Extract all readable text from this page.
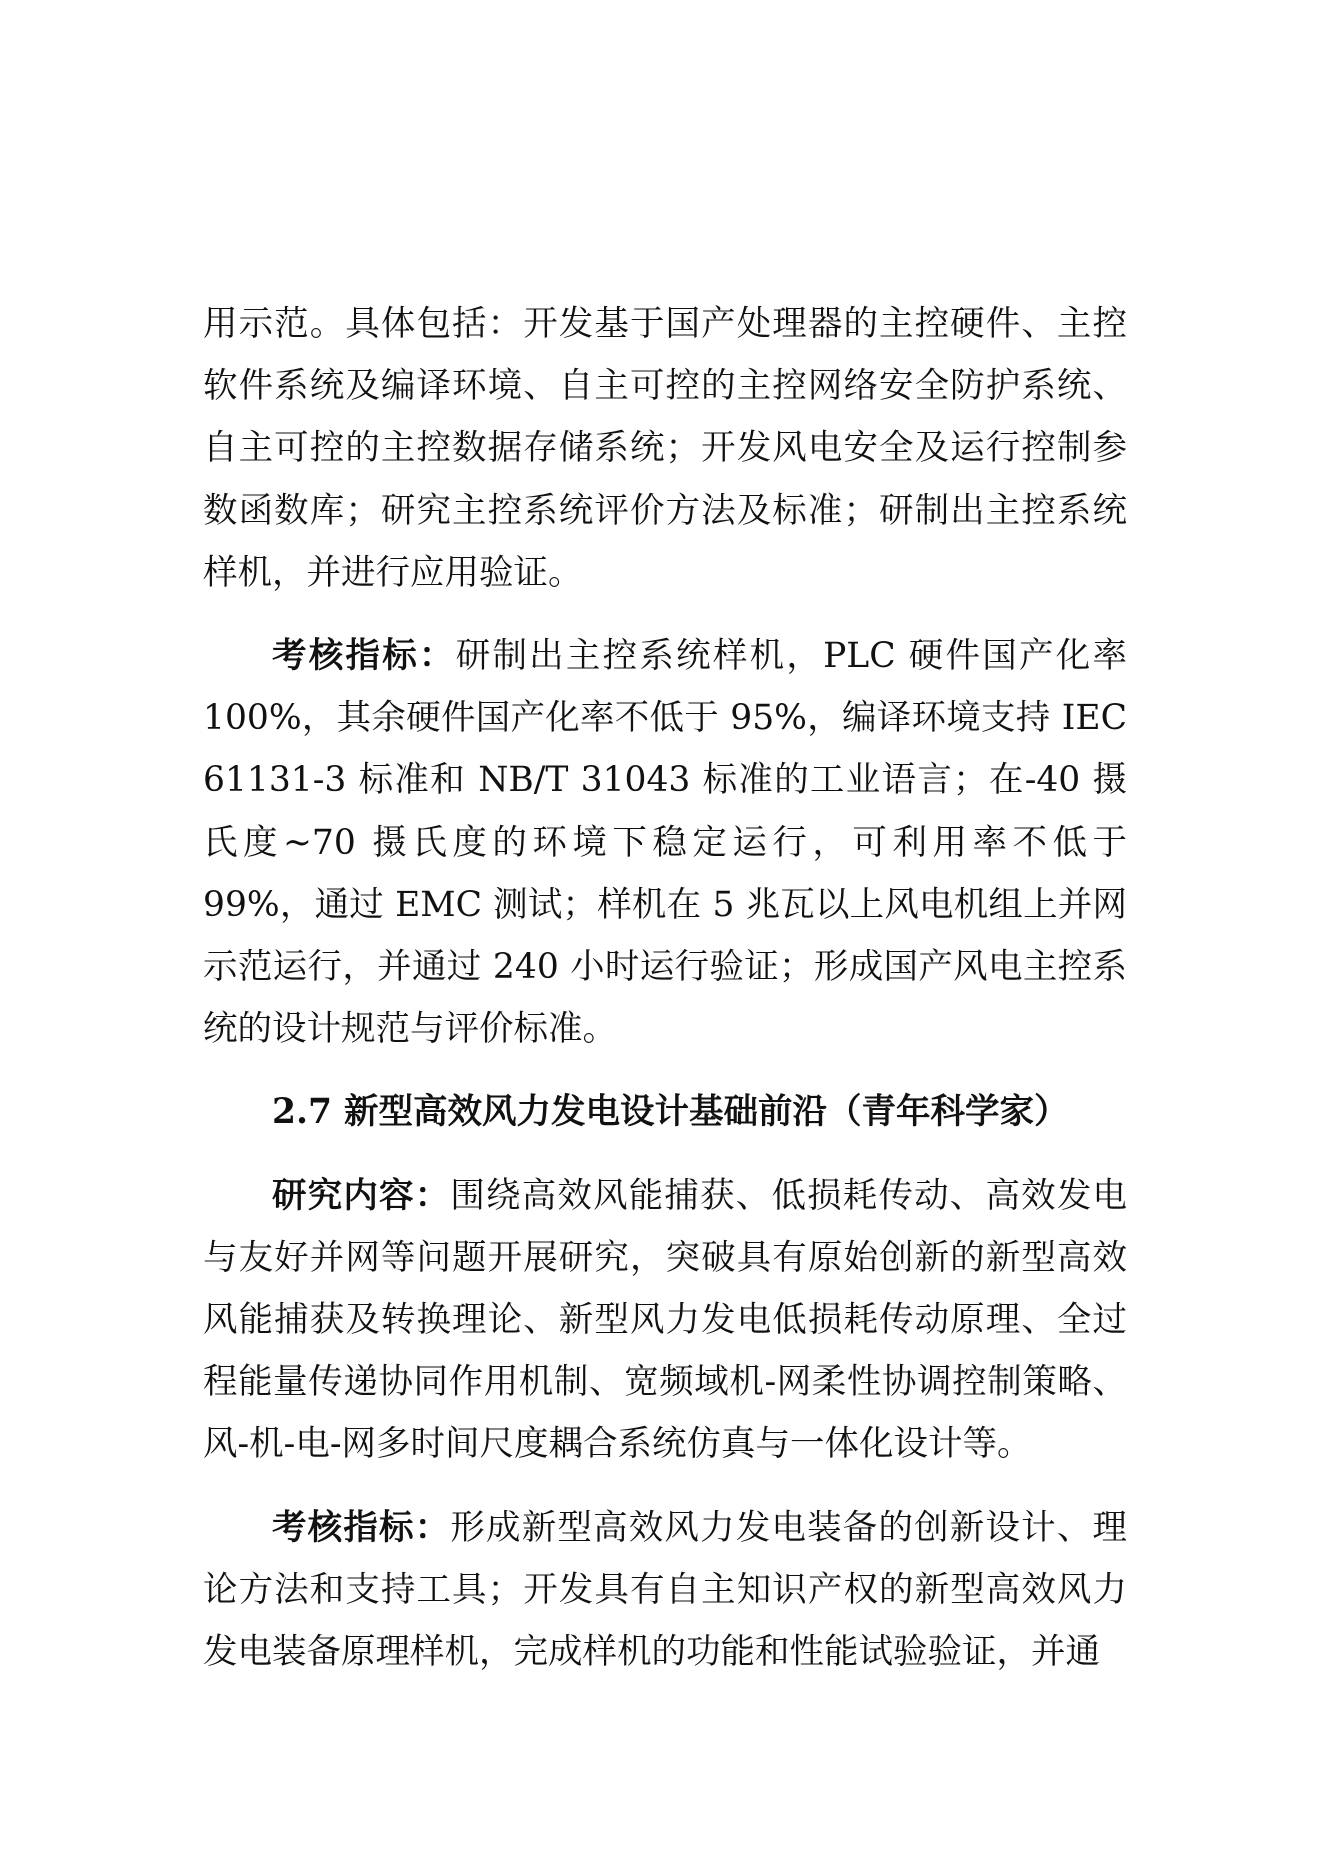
用示范。具体包括：开发基于国产处理器的主控硬件、主控软件系统及编译环境、自主可控的主控网络安全防护系统、自主可控的主控数据存储系统；开发风电安全及运行控制参数函数库；研究主控系统评价方法及标准；研制出主控系统样机，并进行应用验证。

考核指标：研制出主控系统样机，PLC 硬件国产化率 100%，其余硬件国产化率不低于 95%，编译环境支持 IEC 61131-3 标准和 NB/T 31043 标准的工业语言；在-40 摄氏度~70 摄氏度的环境下稳定运行，可利用率不低于 99%，通过 EMC 测试；样机在 5 兆瓦以上风电机组上并网示范运行，并通过 240 小时运行验证；形成国产风电主控系统的设计规范与评价标准。

2.7 新型高效风力发电设计基础前沿（青年科学家）

研究内容：围绕高效风能捕获、低损耗传动、高效发电与友好并网等问题开展研究，突破具有原始创新的新型高效风能捕获及转换理论、新型风力发电低损耗传动原理、全过程能量传递协同作用机制、宽频域机-网柔性协调控制策略、风-机-电-网多时间尺度耦合系统仿真与一体化设计等。

考核指标：形成新型高效风力发电装备的创新设计、理论方法和支持工具；开发具有自主知识产权的新型高效风力发电装备原理样机，完成样机的功能和性能试验验证，并通
